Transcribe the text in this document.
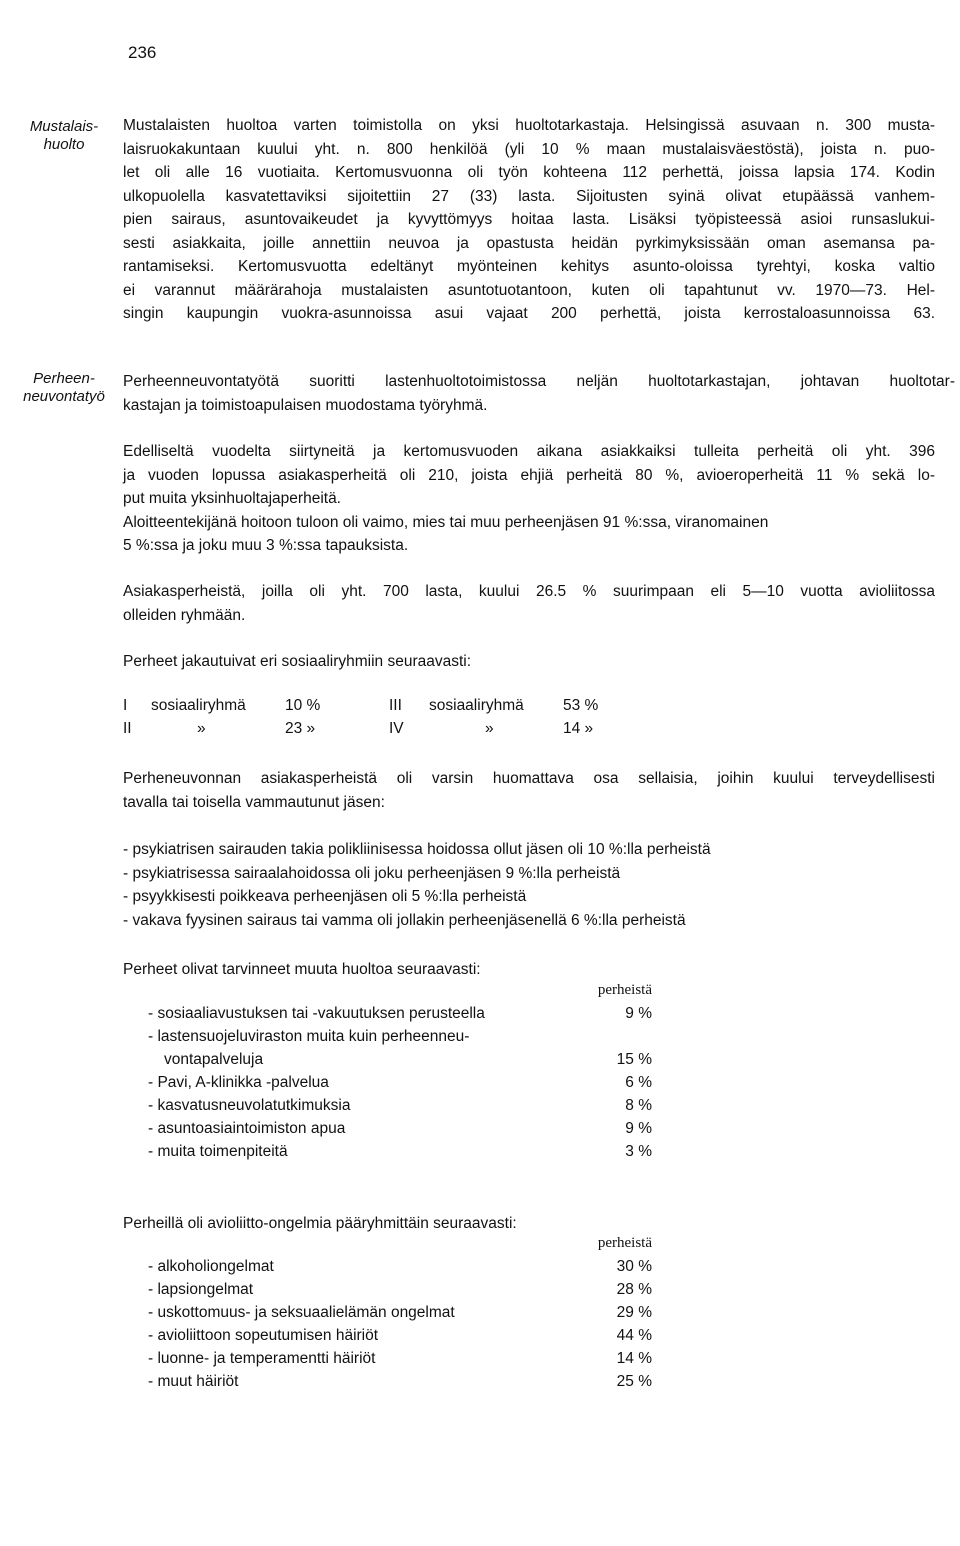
236
Mustalais-
huolto
Mustalaisten huoltoa varten toimistolla on yksi huoltotarkastaja. Helsingissä asuvaan n. 300 musta-
laisruokakuntaan kuului yht. n. 800 henkilöä (yli 10 % maan mustalaisväestöstä), joista n. puo-
let oli alle 16 vuotiaita. Kertomusvuonna oli työn kohteena 112 perhettä, joissa lapsia 174. Kodin
ulkopuolella kasvatettaviksi sijoitettiin 27 (33) lasta. Sijoitusten syinä olivat etupäässä vanhem-
pien sairaus, asuntovaikeudet ja kyvyttömyys hoitaa lasta. Lisäksi työpisteessä asioi runsaslukui-
sesti asiakkaita, joille annettiin neuvoa ja opastusta heidän pyrkimyksissään oman asemansa pa-
rantamiseksi. Kertomusvuotta edeltänyt myönteinen kehitys asunto-oloissa tyrehtyi, koska valtio
ei varannut määrärahoja mustalaisten asuntotuotantoon, kuten oli tapahtunut vv. 1970—73. Hel-
singin kaupungin vuokra-asunnoissa asui vajaat 200 perhettä, joista kerrostaloasunnoissa 63.
Perheen-
neuvontatyö
Perheenneuvontatyötä suoritti lastenhuoltotoimistossa neljän huoltotarkastajan, johtavan huoltotar-
kastajan ja toimistoapulaisen muodostama työryhmä.
Edelliseltä vuodelta siirtyneitä ja kertomusvuoden aikana asiakkaiksi tulleita perheitä oli yht. 396
ja vuoden lopussa asiakasperheitä oli 210, joista ehjiä perheitä 80 %, avioeroperheitä 11 % sekä lo-
put muita yksinhuoltajaperheitä.
Aloitteentekijänä hoitoon tuloon oli vaimo, mies tai muu perheenjäsen 91 %:ssa, viranomainen
5 %:ssa ja joku muu 3 %:ssa tapauksista.
Asiakasperheistä, joilla oli yht. 700 lasta, kuului 26.5 % suurimpaan eli 5—10 vuotta avioliitossa
olleiden ryhmään.
Perheet jakautuivat eri sosiaaliryhmiin seuraavasti:
I	sosiaaliryhmä	10 %	III	sosiaaliryhmä	53 %
II	»	23 »	IV	»	14 »
Perheneuvonnan asiakasperheistä oli varsin huomattava osa sellaisia, joihin kuului terveydellisesti
tavalla tai toisella vammautunut jäsen:
- psykiatrisen sairauden takia polikliinisessa hoidossa ollut jäsen oli 10 %:lla perheistä
- psykiatrisessa sairaalahoidossa oli joku perheenjäsen 9 %:lla perheistä
- psyykkisesti poikkeava perheenjäsen oli 5 %:lla perheistä
- vakava fyysinen sairaus tai vamma oli jollakin perheenjäsenellä 6 %:lla perheistä
Perheet olivat tarvinneet muuta huoltoa seuraavasti:
	perheistä
- sosiaaliavustuksen tai -vakuutuksen perusteella	9 %
- lastensuojeluviraston muita kuin perheenneu-	
vontapalveluja	15 %
- Pavi, A-klinikka -palvelua	6 %
- kasvatusneuvolatutkimuksia	8 %
- asuntoasiaintoimiston apua	9 %
- muita toimenpiteitä	3 %
Perheillä oli avioliitto-ongelmia pääryhmittäin seuraavasti:
	perheistä
- alkoholiongelmat	30 %
- lapsiongelmat	28 %
- uskottomuus- ja seksuaalielämän ongelmat	29 %
- avioliittoon sopeutumisen häiriöt	44 %
- luonne- ja temperamentti häiriöt	14 %
- muut häiriöt	25 %
